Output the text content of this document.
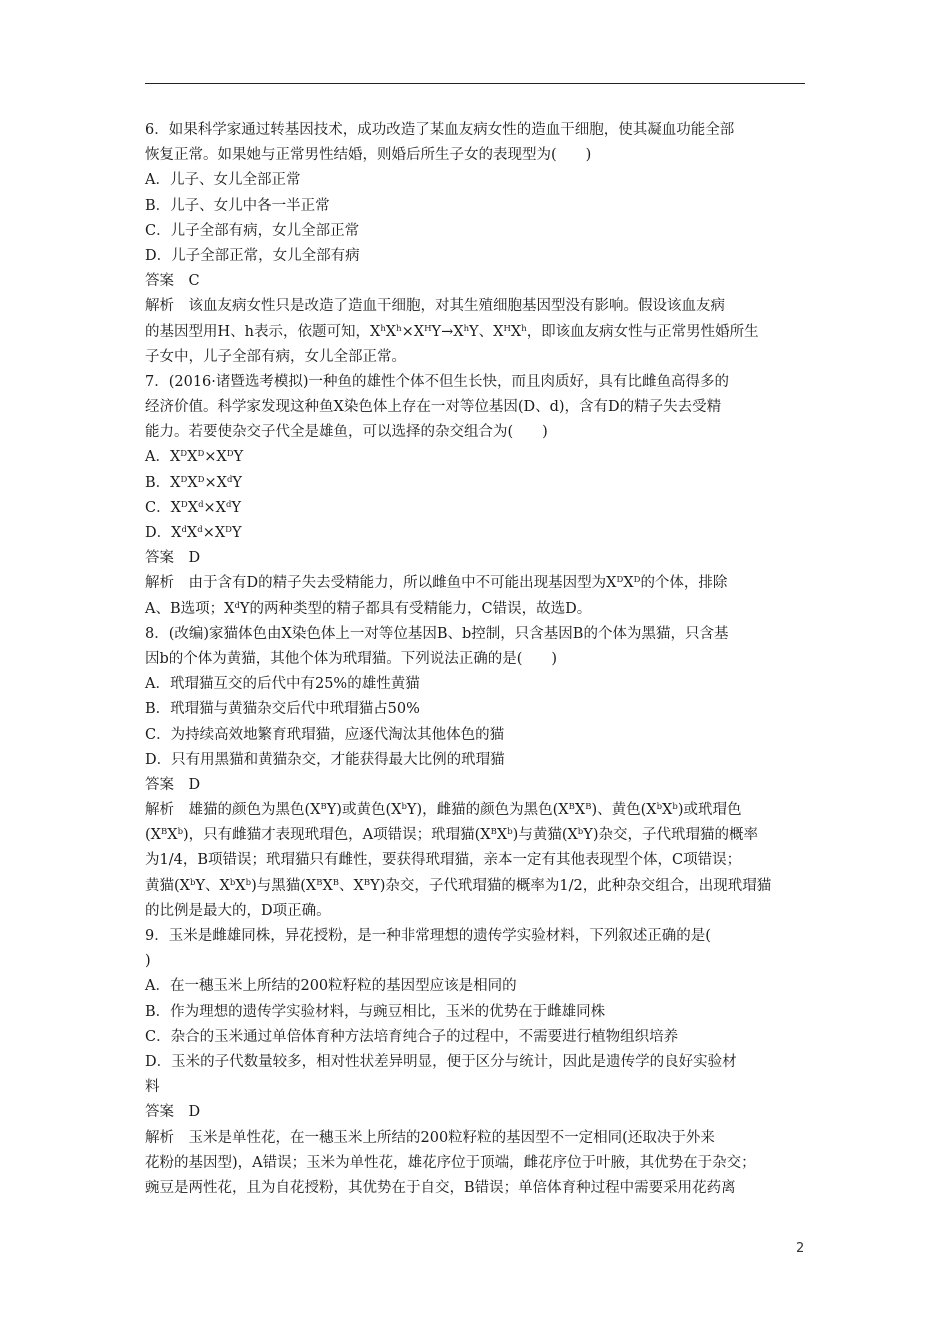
6．如果科学家通过转基因技术，成功改造了某血友病女性的造血干细胞，使其凝血功能全部
恢复正常。如果她与正常男性结婚，则婚后所生子女的表现型为(　　)
A．儿子、女儿全部正常
B．儿子、女儿中各一半正常
C．儿子全部有病，女儿全部正常
D．儿子全部正常，女儿全部有病
答案　C
解析　该血友病女性只是改造了造血干细胞，对其生殖细胞基因型没有影响。假设该血友病
的基因型用H、h表示，依题可知，$X^hX^h\times X^HY\to X^hY$、$X^HX^h$，即该血友病女性与正常男性婚所生
子女中，儿子全部有病，女儿全部正常。
7．(2016·诸暨选考模拟)一种鱼的雄性个体不但生长快，而且肉质好，具有比雌鱼高得多的
经济价值。科学家发现这种鱼X染色体上存在一对等位基因(D、d)，含有D的精子失去受精
能力。若要使杂交子代全是雄鱼，可以选择的杂交组合为(　　)
A．$X^DX^D\times X^DY$
B．$X^DX^D\times X^dY$
C．$X^DX^d\times X^dY$
D．$X^dX^d\times X^DY$
答案　D
解析　由于含有D的精子失去受精能力，所以雌鱼中不可能出现基因型为$X^DX^D$的个体，排除
A、B选项；$X^dY$的两种类型的精子都具有受精能力，C错误，故选D。
8．(改编)家猫体色由X染色体上一对等位基因B、b控制，只含基因B的个体为黑猫，只含基
因b的个体为黄猫，其他个体为玳瑁猫。下列说法正确的是(　　)
A．玳瑁猫互交的后代中有25%的雄性黄猫
B．玳瑁猫与黄猫杂交后代中玳瑁猫占50%
C．为持续高效地繁育玳瑁猫，应逐代淘汰其他体色的猫
D．只有用黑猫和黄猫杂交，才能获得最大比例的玳瑁猫
答案　D
解析　雄猫的颜色为黑色$(X^BY)$或黄色$(X^bY)$，雌猫的颜色为黑色$(X^BX^B)$、黄色$(X^bX^b)$或玳瑁色
$(X^BX^b)$，只有雌猫才表现玳瑁色，A项错误；玳瑁猫$(X^BX^b)$与黄猫$(X^bY)$杂交，子代玳瑁猫的概率
为1/4，B项错误；玳瑁猫只有雌性，要获得玳瑁猫，亲本一定有其他表现型个体，C项错误；
黄猫($X^bY$、$X^bX^b$)与黑猫($X^BX^B$、$X^BY$)杂交，子代玳瑁猫的概率为1/2，此种杂交组合，出现玳瑁猫
的比例是最大的，D项正确。
9．玉米是雌雄同株，异花授粉，是一种非常理想的遗传学实验材料，下列叙述正确的是(
)
A．在一穗玉米上所结的200粒籽粒的基因型应该是相同的
B．作为理想的遗传学实验材料，与豌豆相比，玉米的优势在于雌雄同株
C．杂合的玉米通过单倍体育种方法培育纯合子的过程中，不需要进行植物组织培养
D．玉米的子代数量较多，相对性状差异明显，便于区分与统计，因此是遗传学的良好实验材
料
答案　D
解析　玉米是单性花，在一穗玉米上所结的200粒籽粒的基因型不一定相同(还取决于外来
花粉的基因型)，A错误；玉米为单性花，雄花序位于顶端，雌花序位于叶腋，其优势在于杂交；
豌豆是两性花，且为自花授粉，其优势在于自交，B错误；单倍体育种过程中需要采用花药离
2
